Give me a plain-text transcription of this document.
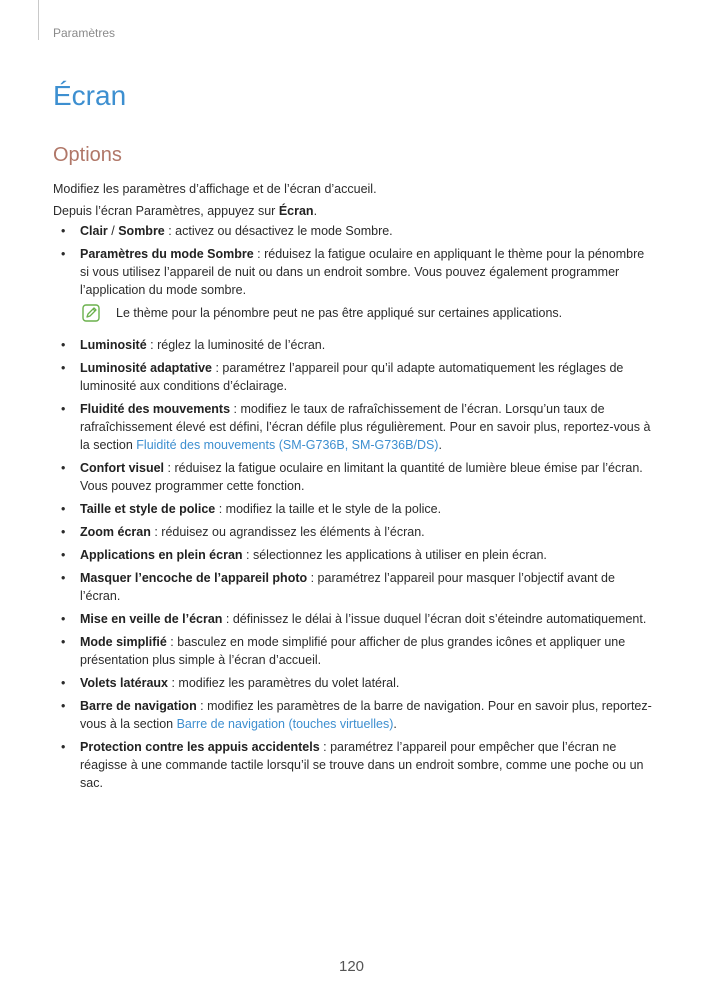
Paramètres
Écran
Options

Modifiez les paramètres d’affichage et de l’écran d’accueil.

Depuis l’écran Paramètres, appuyez sur Écran.

• Clair / Sombre : activez ou désactivez le mode Sombre.
• Paramètres du mode Sombre : réduisez la fatigue oculaire en appliquant le thème pour la pénombre si vous utilisez l’appareil de nuit ou dans un endroit sombre. Vous pouvez également programmer l’application du mode sombre.
Le thème pour la pénombre peut ne pas être appliqué sur certaines applications.
• Luminosité : réglez la luminosité de l’écran.
• Luminosité adaptative : paramétrez l’appareil pour qu’il adapte automatiquement les réglages de luminosité aux conditions d’éclairage.
• Fluidité des mouvements : modifiez le taux de rafraîchissement de l’écran. Lorsqu’un taux de rafraîchissement élevé est défini, l’écran défile plus régulièrement. Pour en savoir plus, reportez-vous à la section Fluidité des mouvements (SM-G736B, SM-G736B/DS).
• Confort visuel : réduisez la fatigue oculaire en limitant la quantité de lumière bleue émise par l’écran. Vous pouvez programmer cette fonction.
• Taille et style de police : modifiez la taille et le style de la police.
• Zoom écran : réduisez ou agrandissez les éléments à l’écran.
• Applications en plein écran : sélectionnez les applications à utiliser en plein écran.
• Masquer l’encoche de l’appareil photo : paramétrez l’appareil pour masquer l’objectif avant de l’écran.
• Mise en veille de l’écran : définissez le délai à l’issue duquel l’écran doit s’éteindre automatiquement.
• Mode simplifié : basculez en mode simplifié pour afficher de plus grandes icônes et appliquer une présentation plus simple à l’écran d’accueil.
• Volets latéraux : modifiez les paramètres du volet latéral.
• Barre de navigation : modifiez les paramètres de la barre de navigation. Pour en savoir plus, reportez-vous à la section Barre de navigation (touches virtuelles).
• Protection contre les appuis accidentels : paramétrez l’appareil pour empêcher que l’écran ne réagisse à une commande tactile lorsqu’il se trouve dans un endroit sombre, comme une poche ou un sac.
120
